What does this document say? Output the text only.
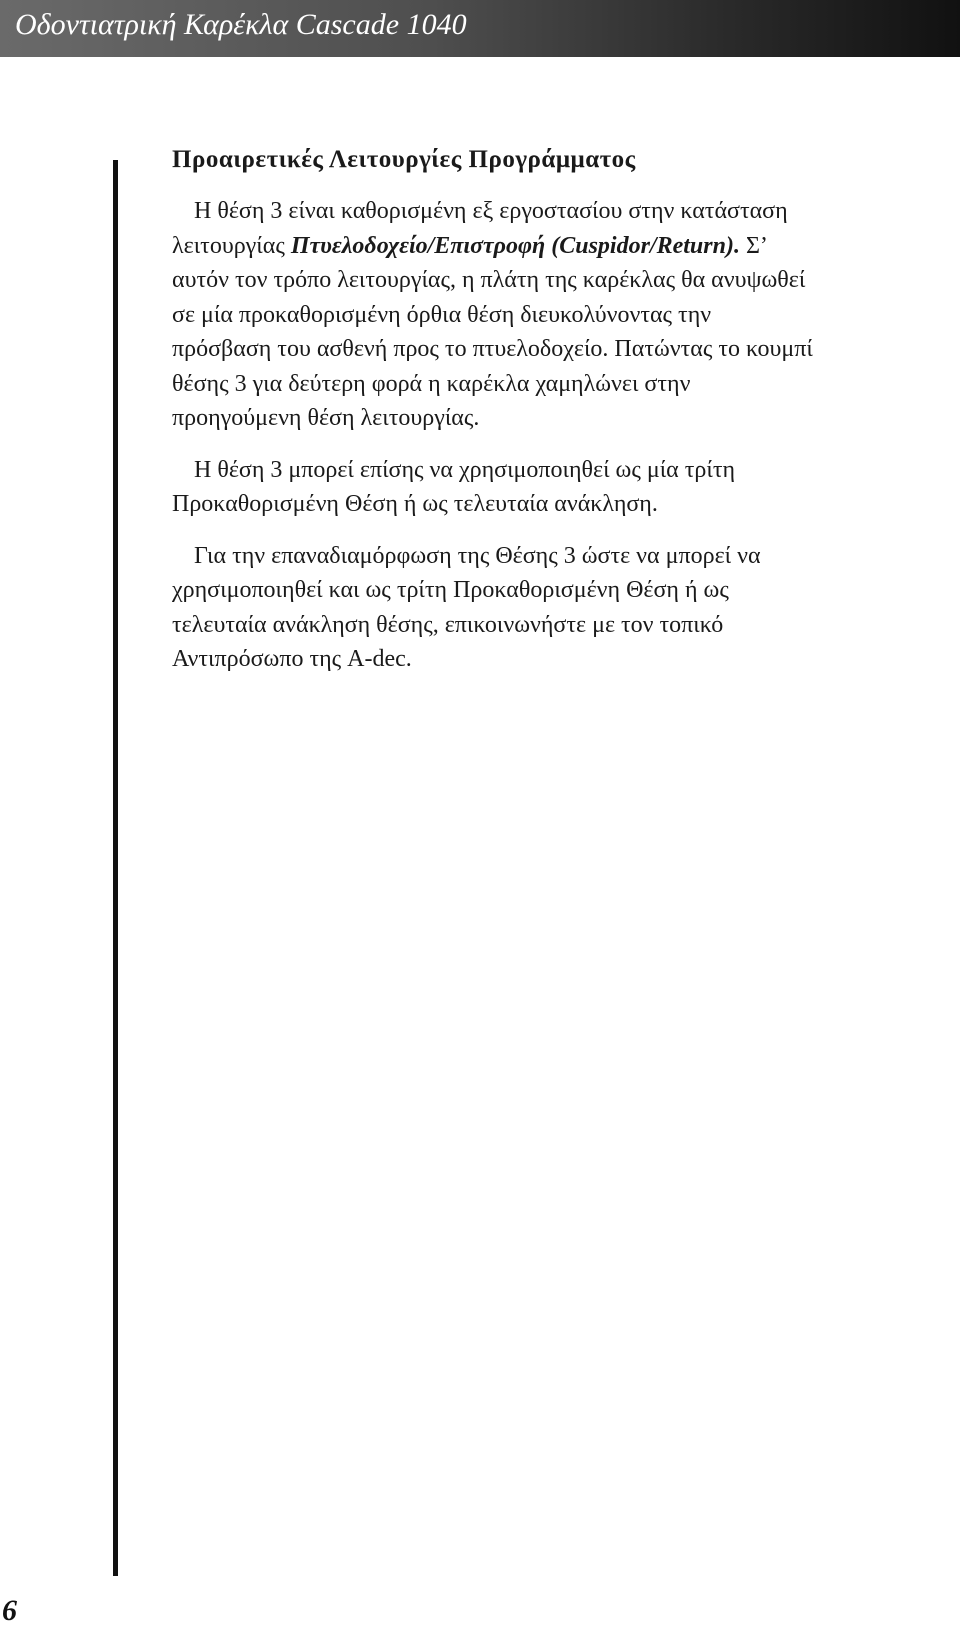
Οδοντιατρική Καρέκλα Cascade 1040
Προαιρετικές Λειτουργίες Προγράμματος
Η θέση 3 είναι καθορισμένη εξ εργοστασίου στην κατάσταση
λειτουργίας Πτυελοδοχείο/Επιστροφή (Cuspidor/Return). Σ’
αυτόν τον τρόπο λειτουργίας, η πλάτη της καρέκλας θα ανυψωθεί
σε μία προκαθορισμένη όρθια θέση διευκολύνοντας την
πρόσβαση του ασθενή προς το πτυελοδοχείο. Πατώντας το κουμπί
θέσης 3 για δεύτερη φορά η καρέκλα χαμηλώνει στην
προηγούμενη θέση λειτουργίας.
Η θέση 3 μπορεί επίσης να χρησιμοποιηθεί ως μία τρίτη
Προκαθορισμένη Θέση ή ως τελευταία ανάκληση.
Για την επαναδιαμόρφωση της Θέσης 3 ώστε να μπορεί να
χρησιμοποιηθεί και ως τρίτη Προκαθορισμένη Θέση ή ως
τελευταία ανάκληση θέσης, επικοινωνήστε με τον τοπικό
Αντιπρόσωπο της A-dec.
6
